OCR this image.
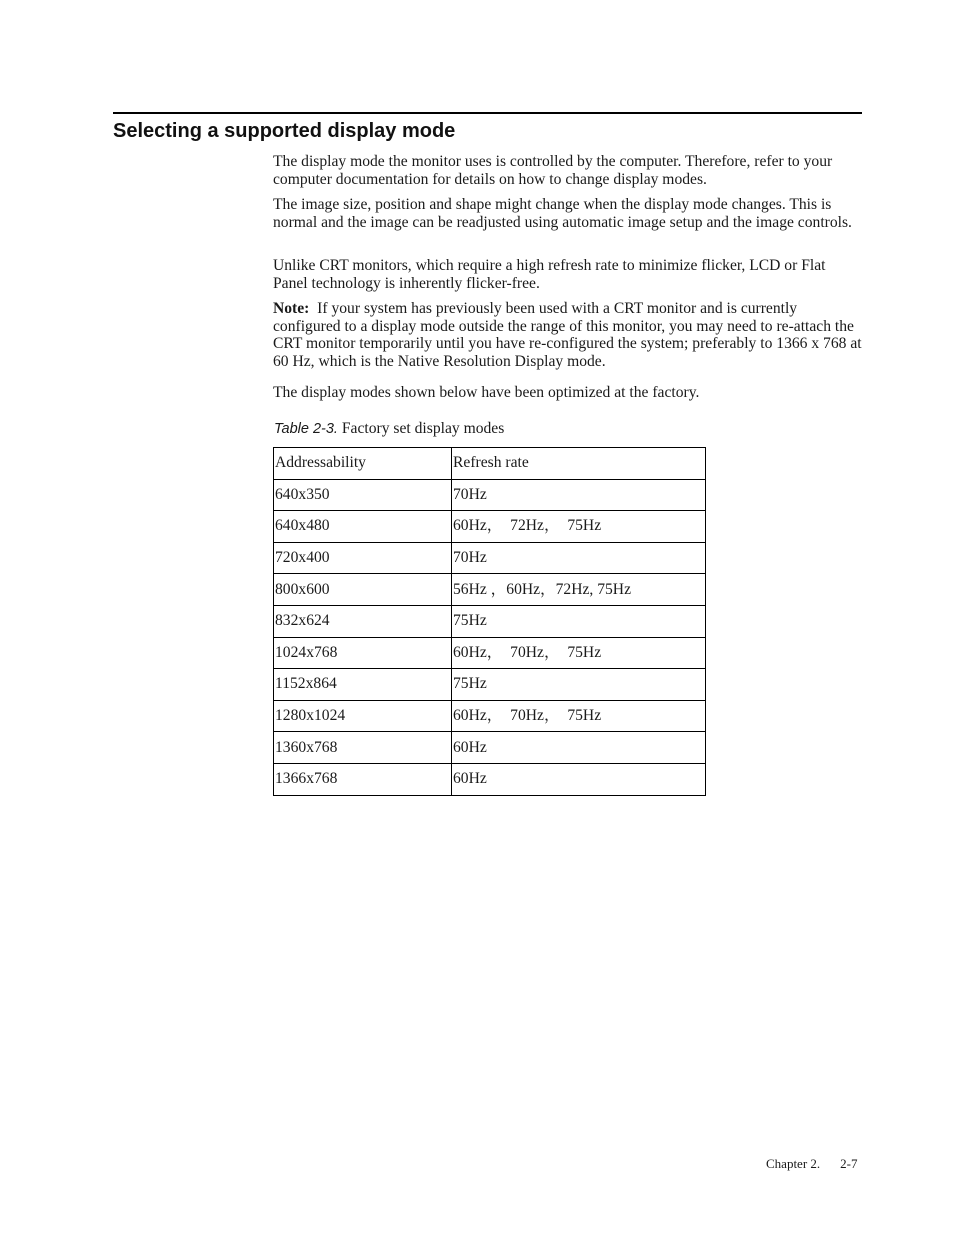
Selecting a supported display mode

The display mode the monitor uses is controlled by the computer. Therefore, refer to your computer documentation for details on how to change display modes.

The image size, position and shape might change when the display mode changes. This is normal and the image can be readjusted using automatic image setup and the image controls.

Unlike CRT monitors, which require a high refresh rate to minimize flicker, LCD or Flat Panel technology is inherently flicker-free.

Note: If your system has previously been used with a CRT monitor and is currently configured to a display mode outside the range of this monitor, you may need to re-attach the CRT monitor temporarily until you have re-configured the system; preferably to 1366 x 768 at 60 Hz, which is the Native Resolution Display mode.

The display modes shown below have been optimized at the factory.

Table 2-3. Factory set display modes
Addressability	Refresh rate
640x350	70Hz
640x480	60Hz，  72Hz，  75Hz
720x400	70Hz
800x600	56Hz ，60Hz，72Hz, 75Hz
832x624	75Hz
1024x768	60Hz，  70Hz，  75Hz
1152x864	75Hz
1280x1024	60Hz，  70Hz，  75Hz
1360x768	60Hz
1366x768	60Hz
Chapter 2. 2-7
